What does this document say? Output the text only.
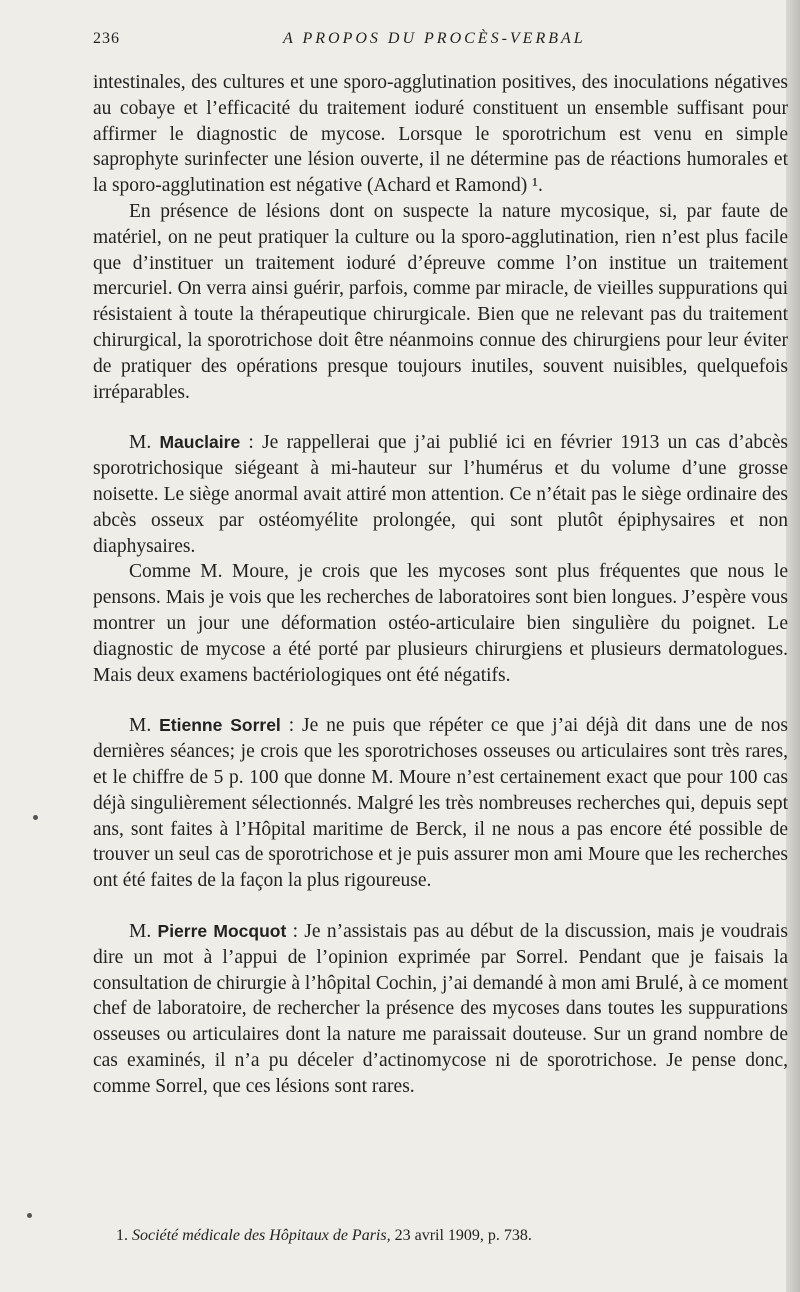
236	A PROPOS DU PROCÈS-VERBAL

intestinales, des cultures et une sporo-agglutination positives, des inoculations négatives au cobaye et l’efficacité du traitement ioduré constituent un ensemble suffisant pour affirmer le diagnostic de mycose. Lorsque le sporotrichum est venu en simple saprophyte surinfecter une lésion ouverte, il ne détermine pas de réactions humorales et la sporo-agglutination est négative (Achard et Ramond) ¹.

En présence de lésions dont on suspecte la nature mycosique, si, par faute de matériel, on ne peut pratiquer la culture ou la sporo-agglutination, rien n’est plus facile que d’instituer un traitement ioduré d’épreuve comme l’on institue un traitement mercuriel. On verra ainsi guérir, parfois, comme par miracle, de vieilles suppurations qui résistaient à toute la thérapeutique chirurgicale. Bien que ne relevant pas du traitement chirurgical, la sporotrichose doit être néanmoins connue des chirurgiens pour leur éviter de pratiquer des opérations presque toujours inutiles, souvent nuisibles, quelquefois irréparables.

M. Mauclaire : Je rappellerai que j’ai publié ici en février 1913 un cas d’abcès sporotrichosique siégeant à mi-hauteur sur l’humérus et du volume d’une grosse noisette. Le siège anormal avait attiré mon attention. Ce n’était pas le siège ordinaire des abcès osseux par ostéomyélite prolongée, qui sont plutôt épiphysaires et non diaphysaires.

Comme M. Moure, je crois que les mycoses sont plus fréquentes que nous le pensons. Mais je vois que les recherches de laboratoires sont bien longues. J’espère vous montrer un jour une déformation ostéo-articulaire bien singulière du poignet. Le diagnostic de mycose a été porté par plusieurs chirurgiens et plusieurs dermatologues. Mais deux examens bactériologiques ont été négatifs.

M. Etienne Sorrel : Je ne puis que répéter ce que j’ai déjà dit dans une de nos dernières séances; je crois que les sporotrichoses osseuses ou articulaires sont très rares, et le chiffre de 5 p. 100 que donne M. Moure n’est certainement exact que pour 100 cas déjà singulièrement sélectionnés. Malgré les très nombreuses recherches qui, depuis sept ans, sont faites à l’Hôpital maritime de Berck, il ne nous a pas encore été possible de trouver un seul cas de sporotrichose et je puis assurer mon ami Moure que les recherches ont été faites de la façon la plus rigoureuse.

M. Pierre Mocquot : Je n’assistais pas au début de la discussion, mais je voudrais dire un mot à l’appui de l’opinion exprimée par Sorrel. Pendant que je faisais la consultation de chirurgie à l’hôpital Cochin, j’ai demandé à mon ami Brulé, à ce moment chef de laboratoire, de rechercher la présence des mycoses dans toutes les suppurations osseuses ou articulaires dont la nature me paraissait douteuse. Sur un grand nombre de cas examinés, il n’a pu déceler d’actinomycose ni de sporotrichose. Je pense donc, comme Sorrel, que ces lésions sont rares.

1. Société médicale des Hôpitaux de Paris, 23 avril 1909, p. 738.
